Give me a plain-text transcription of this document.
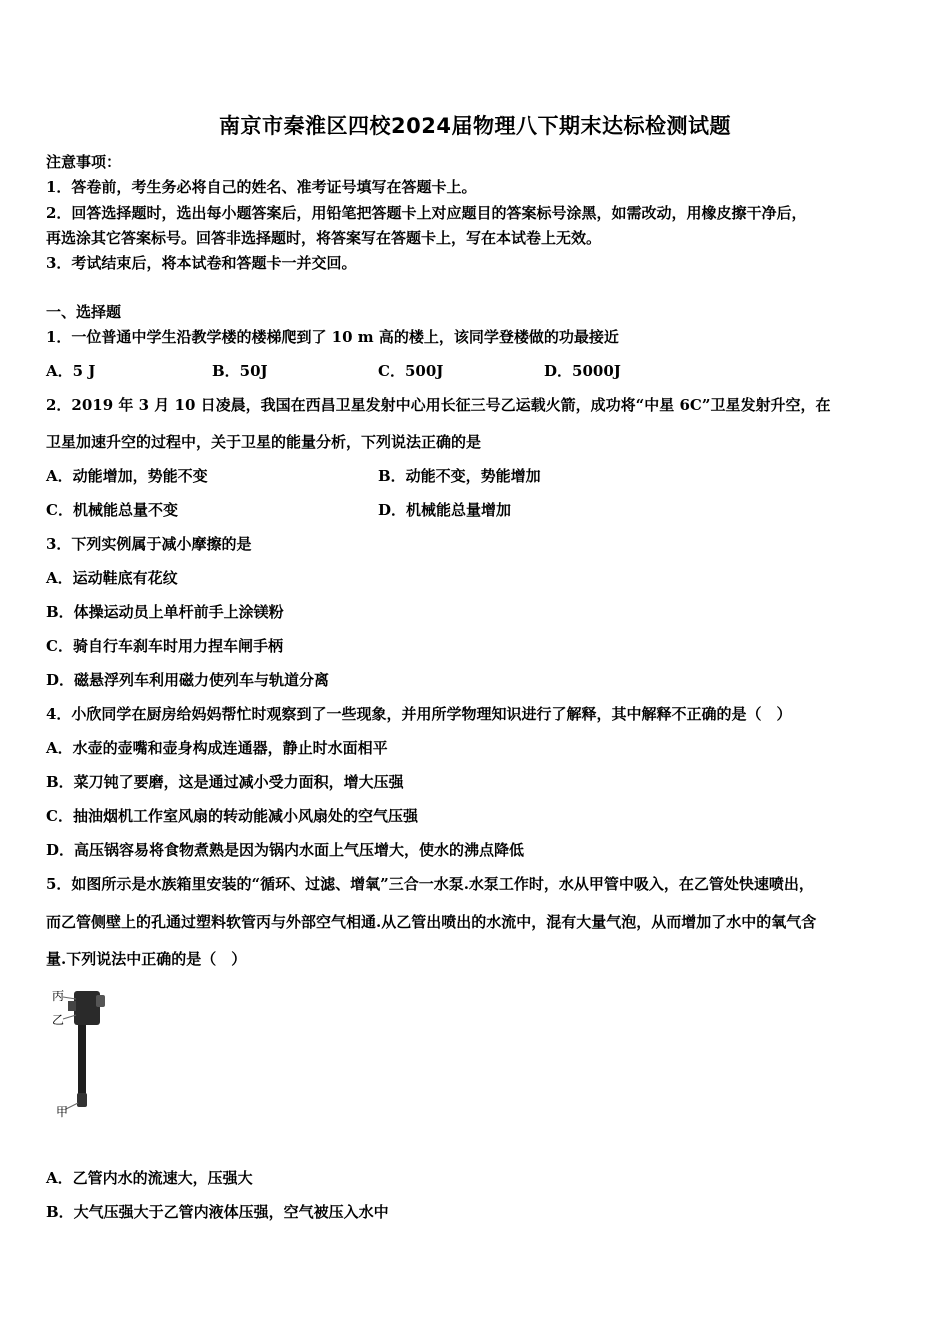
南京市秦淮区四校2024届物理八下期末达标检测试题
注意事项：
1．答卷前，考生务必将自己的姓名、准考证号填写在答题卡上。
2．回答选择题时，选出每小题答案后，用铅笔把答题卡上对应题目的答案标号涂黑，如需改动，用橡皮擦干净后，
再选涂其它答案标号。回答非选择题时，将答案写在答题卡上，写在本试卷上无效。
3．考试结束后，将本试卷和答题卡一并交回。
一、选择题
1．一位普通中学生沿教学楼的楼梯爬到了 10 m 高的楼上，该同学登楼做的功最接近
A．5 J	B．50J	C．500J	D．5000J
2．2019 年 3 月 10 日凌晨，我国在西昌卫星发射中心用长征三号乙运载火箭，成功将“中星 6C”卫星发射升空，在
卫星加速升空的过程中，关于卫星的能量分析，下列说法正确的是
A．动能增加，势能不变	B．动能不变，势能增加
C．机械能总量不变	D．机械能总量增加
3．下列实例属于减小摩擦的是
A．运动鞋底有花纹
B．体操运动员上单杆前手上涂镁粉
C．骑自行车刹车时用力捏车闸手柄
D．磁悬浮列车利用磁力使列车与轨道分离
4．小欣同学在厨房给妈妈帮忙时观察到了一些现象，并用所学物理知识进行了解释，其中解释不正确的是（　）
A．水壶的壶嘴和壶身构成连通器，静止时水面相平
B．菜刀钝了要磨，这是通过减小受力面积，增大压强
C．抽油烟机工作室风扇的转动能减小风扇处的空气压强
D．高压锅容易将食物煮熟是因为锅内水面上气压增大，使水的沸点降低
5．如图所示是水族箱里安装的“循环、过滤、增氧”三合一水泵.水泵工作时，水从甲管中吸入，在乙管处快速喷出，
而乙管侧壁上的孔通过塑料软管丙与外部空气相通.从乙管出喷出的水流中，混有大量气泡，从而增加了水中的氧气含
量.下列说法中正确的是（　）
丙
乙
甲
A．乙管内水的流速大，压强大
B．大气压强大于乙管内液体压强，空气被压入水中
